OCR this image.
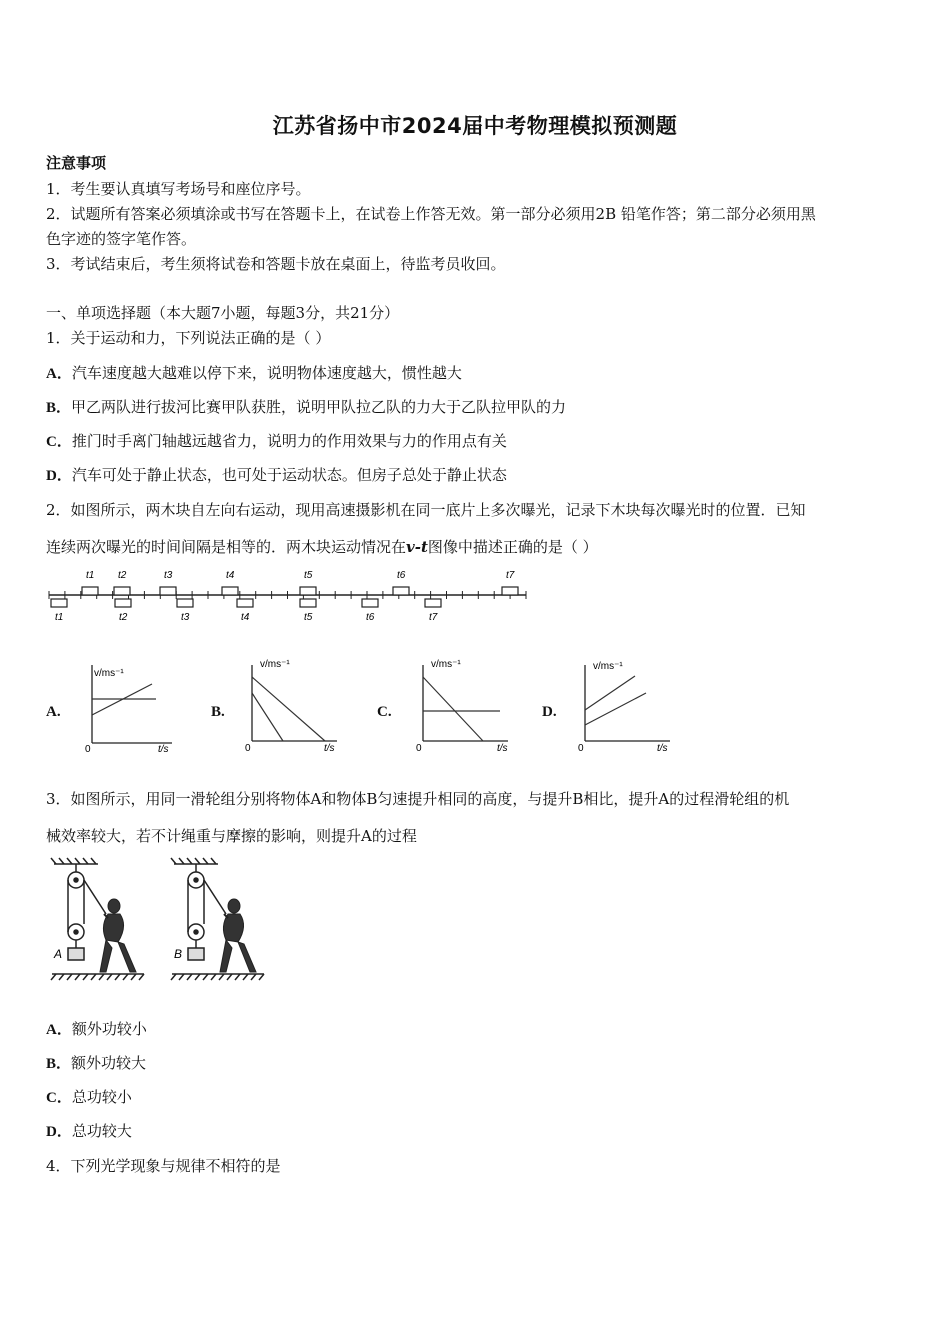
江苏省扬中市2024届中考物理模拟预测题
注意事项
1．考生要认真填写考场号和座位序号。
2．试题所有答案必须填涂或书写在答题卡上，在试卷上作答无效。第一部分必须用2B 铅笔作答；第二部分必须用黑
色字迹的签字笔作答。
3．考试结束后，考生须将试卷和答题卡放在桌面上，待监考员收回。
一、单项选择题（本大题7小题，每题3分，共21分）
1．关于运动和力，下列说法正确的是（ ）
A．汽车速度越大越难以停下来，说明物体速度越大，惯性越大
B．甲乙两队进行拔河比赛甲队获胜，说明甲队拉乙队的力大于乙队拉甲队的力
C．推门时手离门轴越远越省力，说明力的作用效果与力的作用点有关
D．汽车可处于静止状态，也可处于运动状态。但房子总处于静止状态
2．如图所示，两木块自左向右运动，现用高速摄影机在同一底片上多次曝光，记录下木块每次曝光时的位置．已知
连续两次曝光的时间间隔是相等的．两木块运动情况在v-t图像中描述正确的是（ ）
t1 t2	t3	t4	t5	t6	t7
t1	t2	t3	t4	t5	t6	t7
A.	B.	C.	D.
v/ms⁻¹
t/s
0
v/ms⁻¹
t/s
0
v/ms⁻¹
t/s
0
v/ms⁻¹
t/s
0
3．如图所示，用同一滑轮组分别将物体A和物体B匀速提升相同的高度，与提升B相比，提升A的过程滑轮组的机
械效率较大，若不计绳重与摩擦的影响，则提升A的过程
A	B
A．额外功较小
B．额外功较大
C．总功较小
D．总功较大
4．下列光学现象与规律不相符的是
